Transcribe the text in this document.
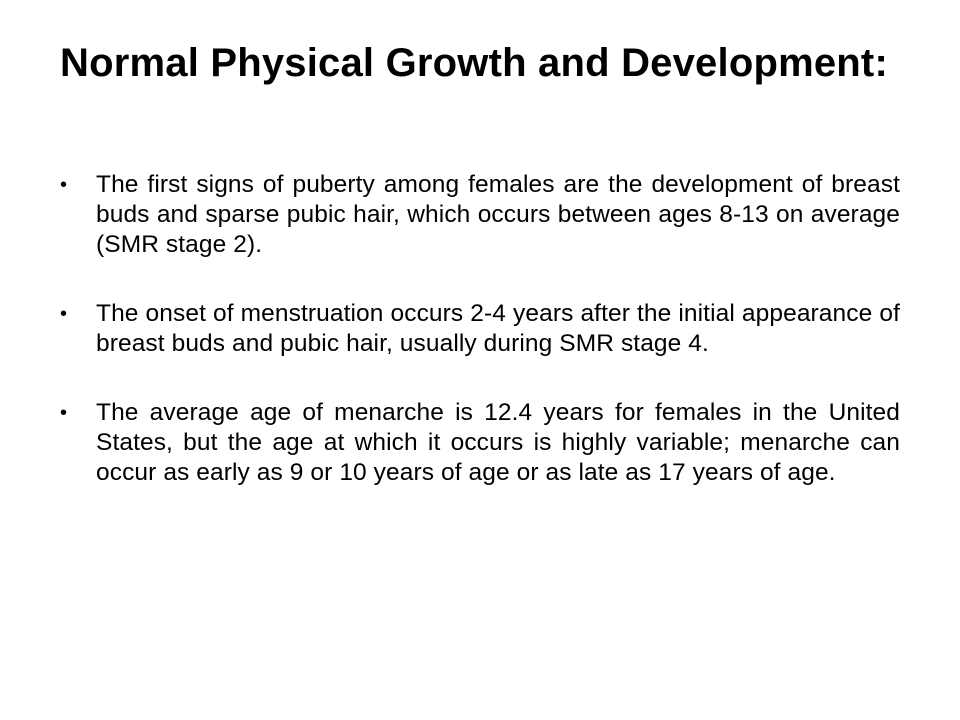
Normal Physical Growth and Development:
• The first signs of puberty among females are the development of breast buds and sparse pubic hair, which occurs between ages 8-13 on average (SMR stage 2).
• The onset of menstruation occurs 2-4 years after the initial appearance of breast buds and pubic hair, usually during SMR stage 4.
• The average age of menarche is 12.4 years for females in the United States, but the age at which it occurs is highly variable; menarche can occur as early as 9 or 10 years of age or as late as 17 years of age.
